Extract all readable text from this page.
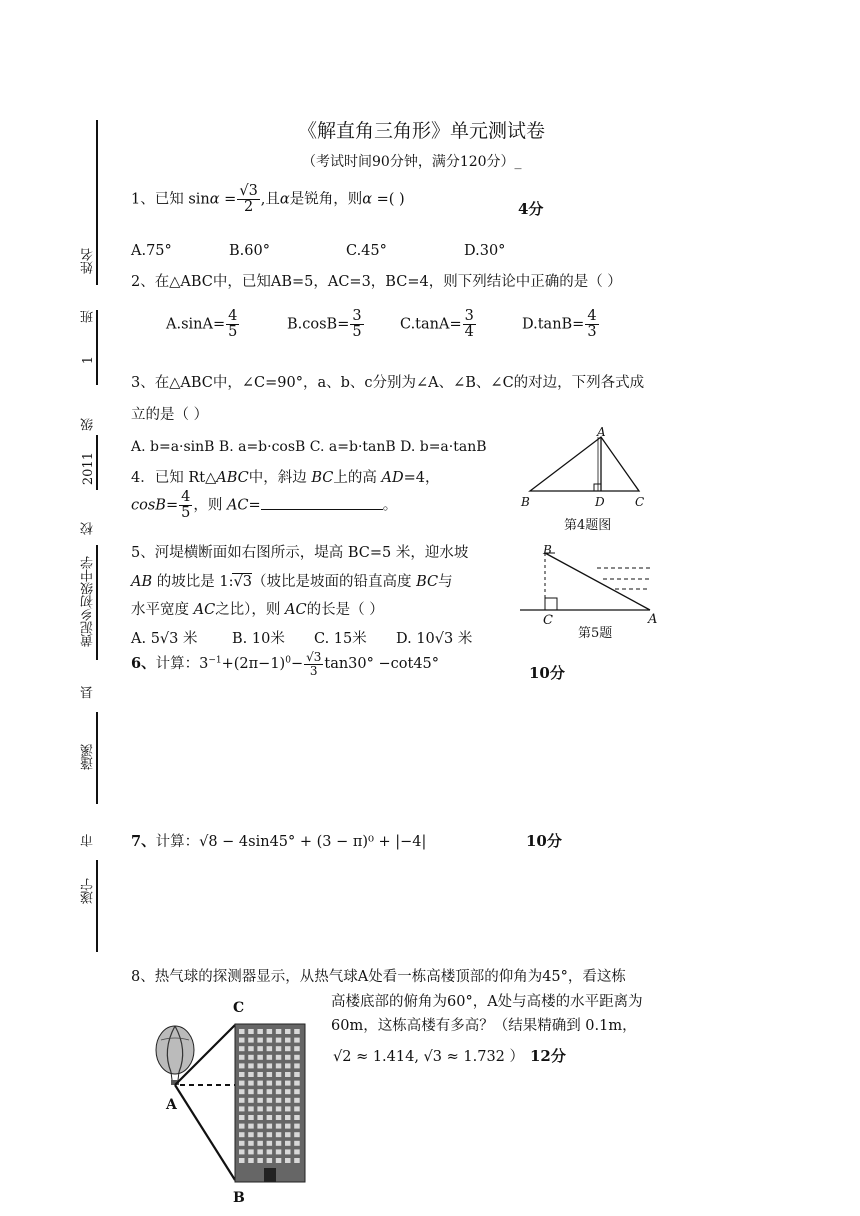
姓名
班
1
级
2011
校
黄泥乡初级中学
县
蓬溪
市
遂宁
《解直角三角形》单元测试卷
（考试时间90分钟，满分120分）_
1、已知 $\sin\alpha = \frac{√3}{2}$ ,且α是锐角，则α =( )
4分
A.75°	B.60°	C.45°	D.30°
2、在△ABC中，已知AB=5，AC=3，BC=4，则下列结论中正确的是（ ）
$A.\sin A= \frac{4}{5}$	$B.\cos B= \frac{3}{5}$	$C.\tan A= \frac{3}{4}$	$D.\tan B= \frac{4}{3}$
3、在△ABC中，∠C=90°，a、b、c分别为∠A、∠B、∠C的对边，下列各式成
立的是（ ）
A. b=a·sinB B. a=b·cosB C. a=b·tanB D. b=a·tanB
4．已知 Rt△ABC中，斜边 BC上的高 AD=4，
$\cos B= \frac{4}{5}$ ，则 AC=	。
A
B	D	C
第4题图
5、河堤横断面如右图所示，堤高 BC=5 米，迎水坡
AB 的坡比是 1:√3（坡比是坡面的铅直高度 BC与
水平宽度 AC之比），则 AC的长是（ ）
A. 5√3 米 B. 10米 C. 15米 D. 10√3 米
B
C	A
第5题
6、计算：$3^{-1}+(2\pi-1)^0- \frac{√3}{3} \tan 30^\circ -\cot 45^\circ$	10分
7、计算：√8 − 4sin45° + (3 − π)⁰ + |−4|	10分
8、热气球的探测器显示，从热气球A处看一栋高楼顶部的仰角为45°，看这栋
高楼底部的俯角为60°，A处与高楼的水平距离为
60m，这栋高楼有多高？（结果精确到 0.1m，
√2 ≈ 1.414, √3 ≈ 1.732 ） 12分
C
A
B
